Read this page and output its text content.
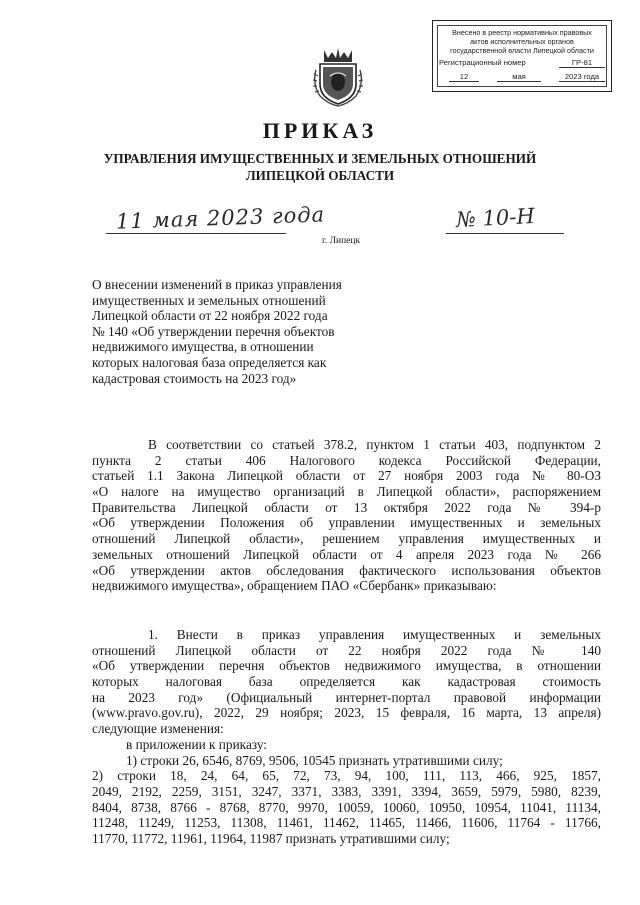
Внесено в реестр нормативных правовых
актов исполнительных органов
государственной власти Липецкой области
Регистрационный номер	ГР-81
12	мая	2023 года
ПРИКАЗ
УПРАВЛЕНИЯ ИМУЩЕСТВЕННЫХ И ЗЕМЕЛЬНЫХ ОТНОШЕНИЙ
ЛИПЕЦКОЙ ОБЛАСТИ
11 мая 2023 года
г. Липецк
№ 10-Н
О внесении изменений в приказ управления
имущественных и земельных отношений
Липецкой области от 22 ноября 2022 года
№ 140 «Об утверждении перечня объектов
недвижимого имущества, в отношении
которых налоговая база определяется как
кадастровая стоимость на 2023 год»
В соответствии со статьей 378.2, пунктом 1 статьи 403, подпунктом 2
пункта 2 статьи 406 Налогового кодекса Российской Федерации,
статьей 1.1 Закона Липецкой области от 27 ноября 2003 года № 80-ОЗ
«О налоге на имущество организаций в Липецкой области», распоряжением
Правительства Липецкой области от 13 октября 2022 года № 394-р
«Об утверждении Положения об управлении имущественных и земельных
отношений Липецкой области», решением управления имущественных и
земельных отношений Липецкой области от 4 апреля 2023 года № 266
«Об утверждении актов обследования фактического использования объектов
недвижимого имущества», обращением ПАО «Сбербанк» приказываю:
1. Внести в приказ управления имущественных и земельных
отношений Липецкой области от 22 ноября 2022 года № 140
«Об утверждении перечня объектов недвижимого имущества, в отношении
которых налоговая база определяется как кадастровая стоимость
на 2023 год» (Официальный интернет-портал правовой информации
(www.pravo.gov.ru), 2022, 29 ноября; 2023, 15 февраля, 16 марта, 13 апреля)
следующие изменения:
в приложении к приказу:
1) строки 26, 6546, 8769, 9506, 10545 признать утратившими силу;
2) строки 18, 24, 64, 65, 72, 73, 94, 100, 111, 113, 466, 925, 1857,
2049, 2192, 2259, 3151, 3247, 3371, 3383, 3391, 3394, 3659, 5979, 5980, 8239,
8404, 8738, 8766 - 8768, 8770, 9970, 10059, 10060, 10950, 10954, 11041, 11134,
11248, 11249, 11253, 11308, 11461, 11462, 11465, 11466, 11606, 11764 - 11766,
11770, 11772, 11961, 11964, 11987 признать утратившими силу;
